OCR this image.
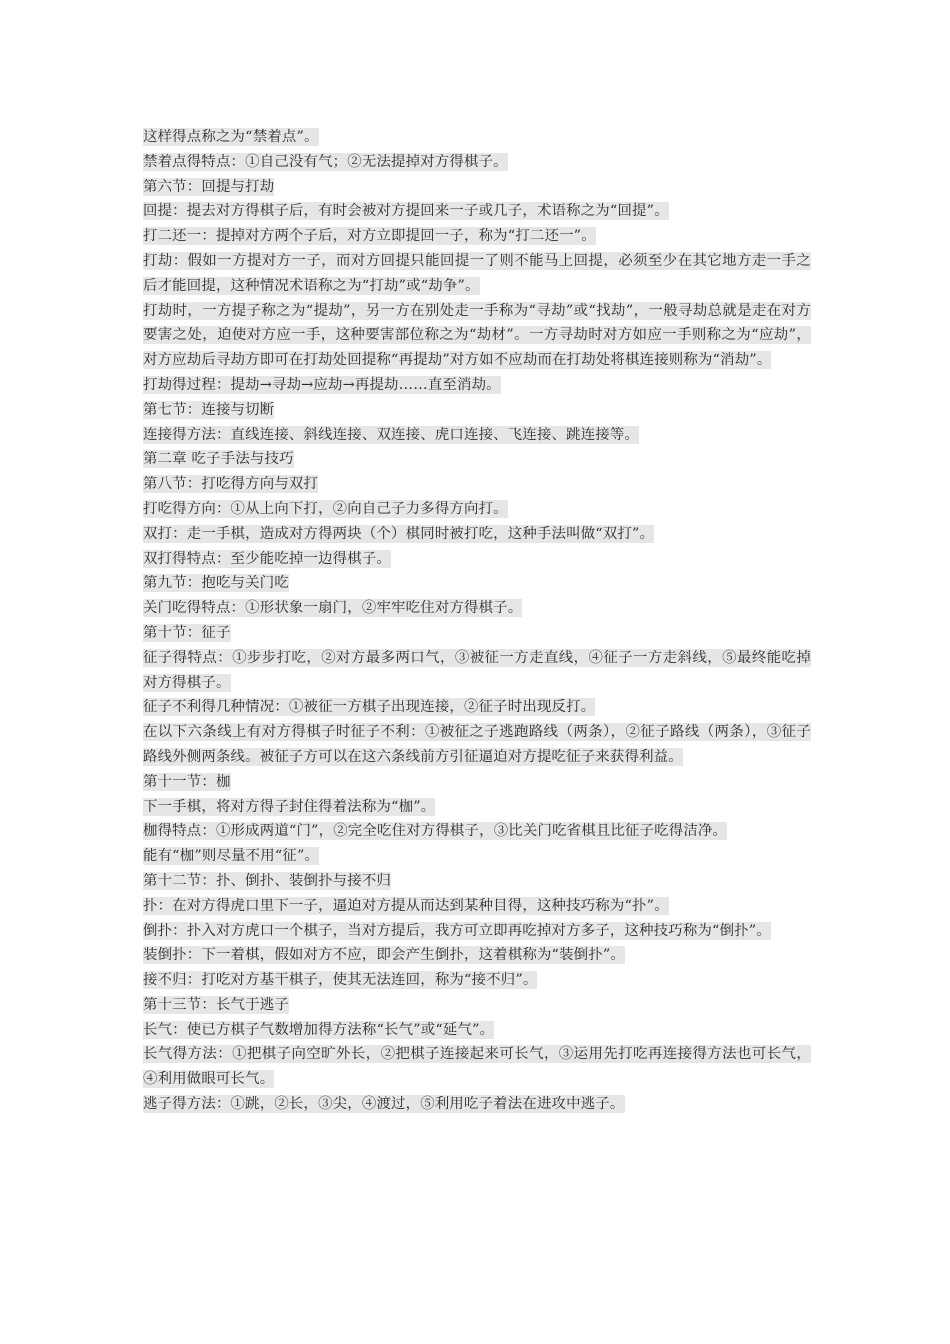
这样得点称之为“禁着点”。

禁着点得特点：①自己没有气；②无法提掉对方得棋子。

第六节：回提与打劫

回提：提去对方得棋子后，有时会被对方提回来一子或几子，术语称之为“回提”。

打二还一：提掉对方两个子后，对方立即提回一子，称为“打二还一”。

打劫：假如一方提对方一子，而对方回提只能回提一了则不能马上回提，必须至少在其它地方走一手之后才能回提，这种情况术语称之为“打劫”或“劫争”。

打劫时，一方提子称之为“提劫”，另一方在别处走一手称为“寻劫”或“找劫”，一般寻劫总就是走在对方要害之处，迫使对方应一手，这种要害部位称之为“劫材”。一方寻劫时对方如应一手则称之为“应劫”，对方应劫后寻劫方即可在打劫处回提称“再提劫”对方如不应劫而在打劫处将棋连接则称为“消劫”。

打劫得过程：提劫→寻劫→应劫→再提劫……直至消劫。

第七节：连接与切断

连接得方法：直线连接、斜线连接、双连接、虎口连接、飞连接、跳连接等。

第二章 吃子手法与技巧

第八节：打吃得方向与双打

打吃得方向：①从上向下打，②向自己子力多得方向打。

双打：走一手棋，造成对方得两块（个）棋同时被打吃，这种手法叫做“双打”。

双打得特点：至少能吃掉一边得棋子。

第九节：抱吃与关门吃

关门吃得特点：①形状象一扇门，②牢牢吃住对方得棋子。

第十节：征子

征子得特点：①步步打吃，②对方最多两口气，③被征一方走直线，④征子一方走斜线，⑤最终能吃掉对方得棋子。

征子不利得几种情况：①被征一方棋子出现连接，②征子时出现反打。

在以下六条线上有对方得棋子时征子不利：①被征之子逃跑路线（两条），②征子路线（两条），③征子路线外侧两条线。被征子方可以在这六条线前方引征逼迫对方提吃征子来获得利益。

第十一节：枷

下一手棋，将对方得子封住得着法称为“枷”。

枷得特点：①形成两道“门”，②完全吃住对方得棋子，③比关门吃省棋且比征子吃得洁净。

能有“枷”则尽量不用“征”。

第十二节：扑、倒扑、装倒扑与接不归

扑：在对方得虎口里下一子，逼迫对方提从而达到某种目得，这种技巧称为“扑”。

倒扑：扑入对方虎口一个棋子，当对方提后，我方可立即再吃掉对方多子，这种技巧称为“倒扑”。

装倒扑：下一着棋，假如对方不应，即会产生倒扑，这着棋称为“装倒扑”。

接不归：打吃对方基干棋子，使其无法连回，称为“接不归”。

第十三节：长气于逃子

长气：使已方棋子气数增加得方法称“长气”或“延气”。

长气得方法：①把棋子向空旷外长，②把棋子连接起来可长气，③运用先打吃再连接得方法也可长气，④利用做眼可长气。

逃子得方法：①跳，②长，③尖，④渡过，⑤利用吃子着法在进攻中逃子。
